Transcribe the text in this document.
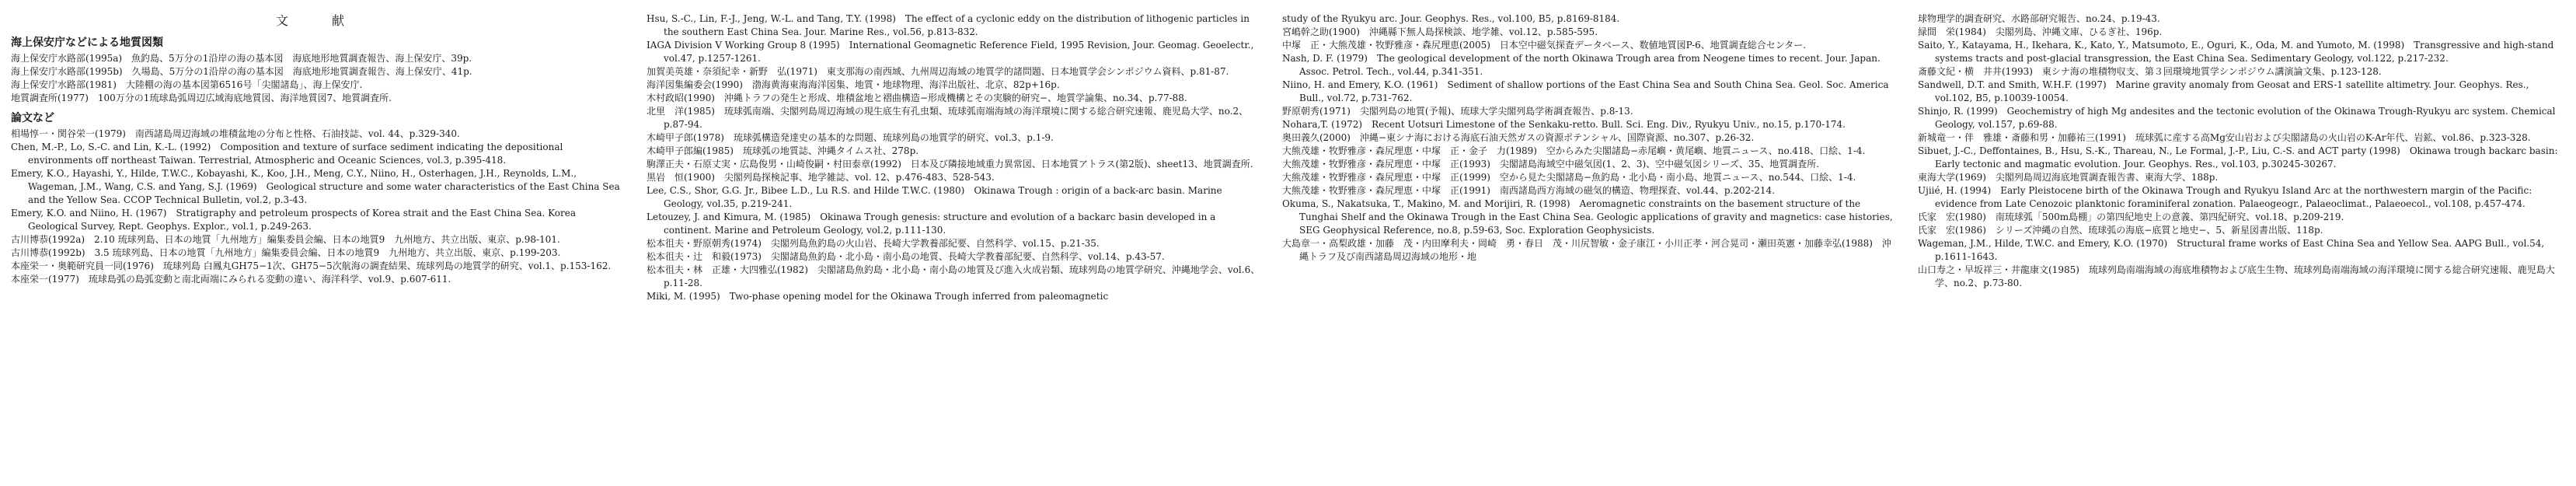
文　献
海上保安庁などによる地質図類

海上保安庁水路部(1995a)　魚釣島、5万分の1沿岸の海の基本図　海底地形地質調査報告、海上保安庁、39p.

海上保安庁水路部(1995b)　久場島、5万分の1沿岸の海の基本図　海底地形地質調査報告、海上保安庁、41p.

海上保安庁水路部(1981)　大陸棚の海の基本図第6516号「尖閣諸島」、海上保安庁.

地質調査所(1977)　100万分の1琉球島弧周辺広域海底地質図、海洋地質図7、地質調査所.

論文など

相場惇一・関谷栄一(1979)　南西諸島周辺海域の堆積盆地の分布と性格、石油技誌、vol. 44、p.329-340.

Chen, M.-P., Lo, S.-C. and Lin, K.-L. (1992)　Composition and texture of surface sediment indicating the depositional environments off northeast Taiwan. Terrestrial, Atmospheric and Oceanic Sciences, vol.3, p.395-418.

Emery, K.O., Hayashi, Y., Hilde, T.W.C., Kobayashi, K., Koo, J.H., Meng, C.Y., Niino, H., Osterhagen, J.H., Reynolds, L.M., Wageman, J.M., Wang, C.S. and Yang, S.J. (1969)　Geological structure and some water characteristics of the East China Sea and the Yellow Sea. CCOP Technical Bulletin, vol.2, p.3-43.

Emery, K.O. and Niino, H. (1967)　Stratigraphy and petroleum prospects of Korea strait and the East China Sea. Korea Geological Survey, Rept. Geophys. Explor., vol.1, p.249-263.

古川博恭(1992a)　2.10 琉球列島、日本の地質「九州地方」編集委員会編、日本の地質9　九州地方、共立出版、東京、p.98-101.

古川博恭(1992b)　3.5 琉球列島、日本の地質「九州地方」編集委員会編、日本の地質9　九州地方、共立出版、東京、p.199-203.

本座栄一・奥範研究員一同(1976)　琉球列島 白鳳丸GH75−1次、GH75−5次航海の調査結果、琉球列島の地質学的研究、vol.1、p.153-162.

本座栄一(1977)　琉球島弧の島弧変動と南北両端にみられる変動の違い、海洋科学、vol.9、p.607-611.

Hsu, S.-C., Lin, F.-J., Jeng, W.-L. and Tang, T.Y. (1998)　The effect of a cyclonic eddy on the distribution of lithogenic particles in the southern East China Sea. Jour. Marine Res., vol.56, p.813-832.

IAGA Division V Working Group 8 (1995)　International Geomagnetic Reference Field, 1995 Revision, Jour. Geomag. Geoelectr., vol.47, p.1257-1261.

加賀美英雄・奈須紀幸・新野　弘(1971)　東支那海の南西域、九州周辺海域の地質学的諸問題、日本地質学会シンポジウム資料、p.81-87.

海洋図集編委会(1990)　渤海黄海東海海洋図集、地質・地球物理、海洋出版社、北京、82p+16p.

木村政昭(1990)　沖縄トラフの発生と形成、堆積盆地と褶曲構造−形成機構とその実験的研究−、地質学論集、no.34、p.77-88.

北里　洋(1985)　琉球弧南端、尖閣列島周辺海域の現生底生有孔虫類、琉球弧南端海域の海洋環境に関する総合研究速報、鹿児島大学、no.2、p.87-94.

木崎甲子郎(1978)　琉球弧構造発達史の基本的な問題、琉球列島の地質学的研究、vol.3、p.1-9.

木崎甲子郎編(1985)　琉球弧の地質誌、沖縄タイムス社、278p.

駒澤正夫・石原丈実・広島俊男・山崎俊嗣・村田泰章(1992)　日本及び隣接地域重力異常図、日本地質アトラス(第2版)、sheet13、地質調査所.

黒岩　恒(1900)　尖閣列島探検記事、地学雑誌、vol. 12、p.476-483、528-543.

Lee, C.S., Shor, G.G. Jr., Bibee L.D., Lu R.S. and Hilde T.W.C. (1980)　Okinawa Trough : origin of a back-arc basin. Marine Geology, vol.35, p.219-241.

Letouzey, J. and Kimura, M. (1985)　Okinawa Trough genesis: structure and evolution of a backarc basin developed in a continent. Marine and Petroleum Geology, vol.2, p.111-130.

松本徂夫・野原朝秀(1974)　尖閣列島魚釣島の火山岩、長崎大学教養部紀要、自然科学、vol.15、p.21-35.

松本徂夫・辻　和毅(1973)　尖閣諸島魚釣島・北小島・南小島の地質、長崎大学教養部紀要、自然科学、vol.14、p.43-57.

松本徂夫・林　正雄・大四雅弘(1982)　尖閣諸島魚釣島・北小島・南小島の地質及び進入火成岩類、琉球列島の地質学研究、沖縄地学会、vol.6、p.11-28.

Miki, M. (1995)　Two-phase opening model for the Okinawa Trough inferred from paleomagnetic

study of the Ryukyu arc. Jour. Geophys. Res., vol.100, B5, p.8169-8184.

宮嶋幹之助(1900)　沖縄縣下無人島探検談、地学雑、vol.12、p.585-595.

中塚　正・大熊茂雄・牧野雅彦・森尻理恵(2005)　日本空中磁気探査データベース、数値地質図P-6、地質調査総合センター.

Nash, D. F. (1979)　The geological development of the north Okinawa Trough area from Neogene times to recent. Jour. Japan. Assoc. Petrol. Tech., vol.44, p.341-351.

Niino, H. and Emery, K.O. (1961)　Sediment of shallow portions of the East China Sea and South China Sea. Geol. Soc. America Bull., vol.72, p.731-762.

野原朝秀(1971)　尖閣列島の地質(予報)、琉球大学尖閣列島学術調査報告、p.8-13.

Nohara,T. (1972)　Recent Uotsuri Limestone of the Senkaku-retto. Bull. Sci. Eng. Div., Ryukyu Univ., no.15, p.170-174.

奥田義久(2000)　沖縄−東シナ海における海底石油天然ガスの資源ポテンシャル、国際資源、no.307、p.26-32.

大熊茂雄・牧野雅彦・森尻理恵・中塚　正・金子　力(1989)　空からみた尖閣諸島−赤尾嶼・黄尾嶼、地質ニュース、no.418、口絵、1-4.

大熊茂雄・牧野雅彦・森尻理恵・中塚　正(1993)　尖閣諸島海域空中磁気図(1、2、3)、空中磁気図シリーズ、35、地質調査所.

大熊茂雄・牧野雅彦・森尻理恵・中塚　正(1999)　空から見た尖閣諸島−魚釣島・北小島・南小島、地質ニュース、no.544、口絵、1-4.

大熊茂雄・牧野雅彦・森尻理恵・中塚　正(1991)　南西諸島西方海域の磁気的構造、物理探査、vol.44、p.202-214.

Okuma, S., Nakatsuka, T., Makino, M. and Morijiri, R. (1998)　Aeromagnetic constraints on the basement structure of the Tunghai Shelf and the Okinawa Trough in the East China Sea. Geologic applications of gravity and magnetics: case histories, SEG Geophysical Reference, no.8, p.59-63, Soc. Exploration Geophysicists.

大島章一・高梨政雄・加藤　茂・内田摩利夫・岡崎　勇・春日　茂・川尻智敏・金子康江・小川正孝・河合晃司・瀬田英憲・加藤幸弘(1988)　沖縄トラフ及び南西諸島周辺海域の地形・地

球物理学的調査研究、水路部研究報告、no.24、p.19-43.

緑間　栄(1984)　尖閣列島、沖縄文庫、ひるぎ社、196p.

Saito, Y., Katayama, H., Ikehara, K., Kato, Y., Matsumoto, E., Oguri, K., Oda, M. and Yumoto, M. (1998)　Transgressive and high-stand systems tracts and post-glacial transgression, the East China Sea. Sedimentary Geology, vol.122, p.217-232.

斎藤文紀・横　井井(1993)　東シナ海の堆積物収支、第３回環境地質学シンポジウム講演論文集、p.123-128.

Sandwell, D.T. and Smith, W.H.F. (1997)　Marine gravity anomaly from Geosat and ERS-1 satellite altimetry. Jour. Geophys. Res., vol.102, B5, p.10039-10054.

Shinjo, R. (1999)　Geochemistry of high Mg andesites and the tectonic evolution of the Okinawa Trough-Ryukyu arc system. Chemical Geology, vol.157, p.69-88.

新城竜一・伴　雅雄・斎藤和男・加藤祐三(1991)　琉球弧に産する高Mg安山岩および尖閣諸島の火山岩のK-Ar年代、岩鉱、vol.86、p.323-328.

Sibuet, J.-C., Deffontaines, B., Hsu, S.-K., Thareau, N., Le Formal, J.-P., Liu, C.-S. and ACT party (1998)　Okinawa trough backarc basin: Early tectonic and magmatic evolution. Jour. Geophys. Res., vol.103, p.30245-30267.

東海大学(1969)　尖閣列島周辺海底地質調査報告書、東海大学、188p.

Ujiié, H. (1994)　Early Pleistocene birth of the Okinawa Trough and Ryukyu Island Arc at the northwestern margin of the Pacific: evidence from Late Cenozoic planktonic foraminiferal zonation. Palaeogeogr., Palaeoclimat., Palaeoecol., vol.108, p.457-474.

氏家　宏(1980)　南琉球弧「500m島棚」の第四紀地史上の意義、第四紀研究、vol.18、p.209-219.

氏家　宏(1986)　シリーズ沖縄の自然、琉球弧の海底−底質と地史−、5、新星図書出版、118p.

Wageman, J.M., Hilde, T.W.C. and Emery, K.O. (1970)　Structural frame works of East China Sea and Yellow Sea. AAPG Bull., vol.54, p.1611-1643.

山口寿之・早坂祥三・井龍康文(1985)　琉球列島南端海域の海底堆積物および底生生物、琉球列島南端海域の海洋環境に関する総合研究速報、鹿児島大学、no.2、p.73-80.
